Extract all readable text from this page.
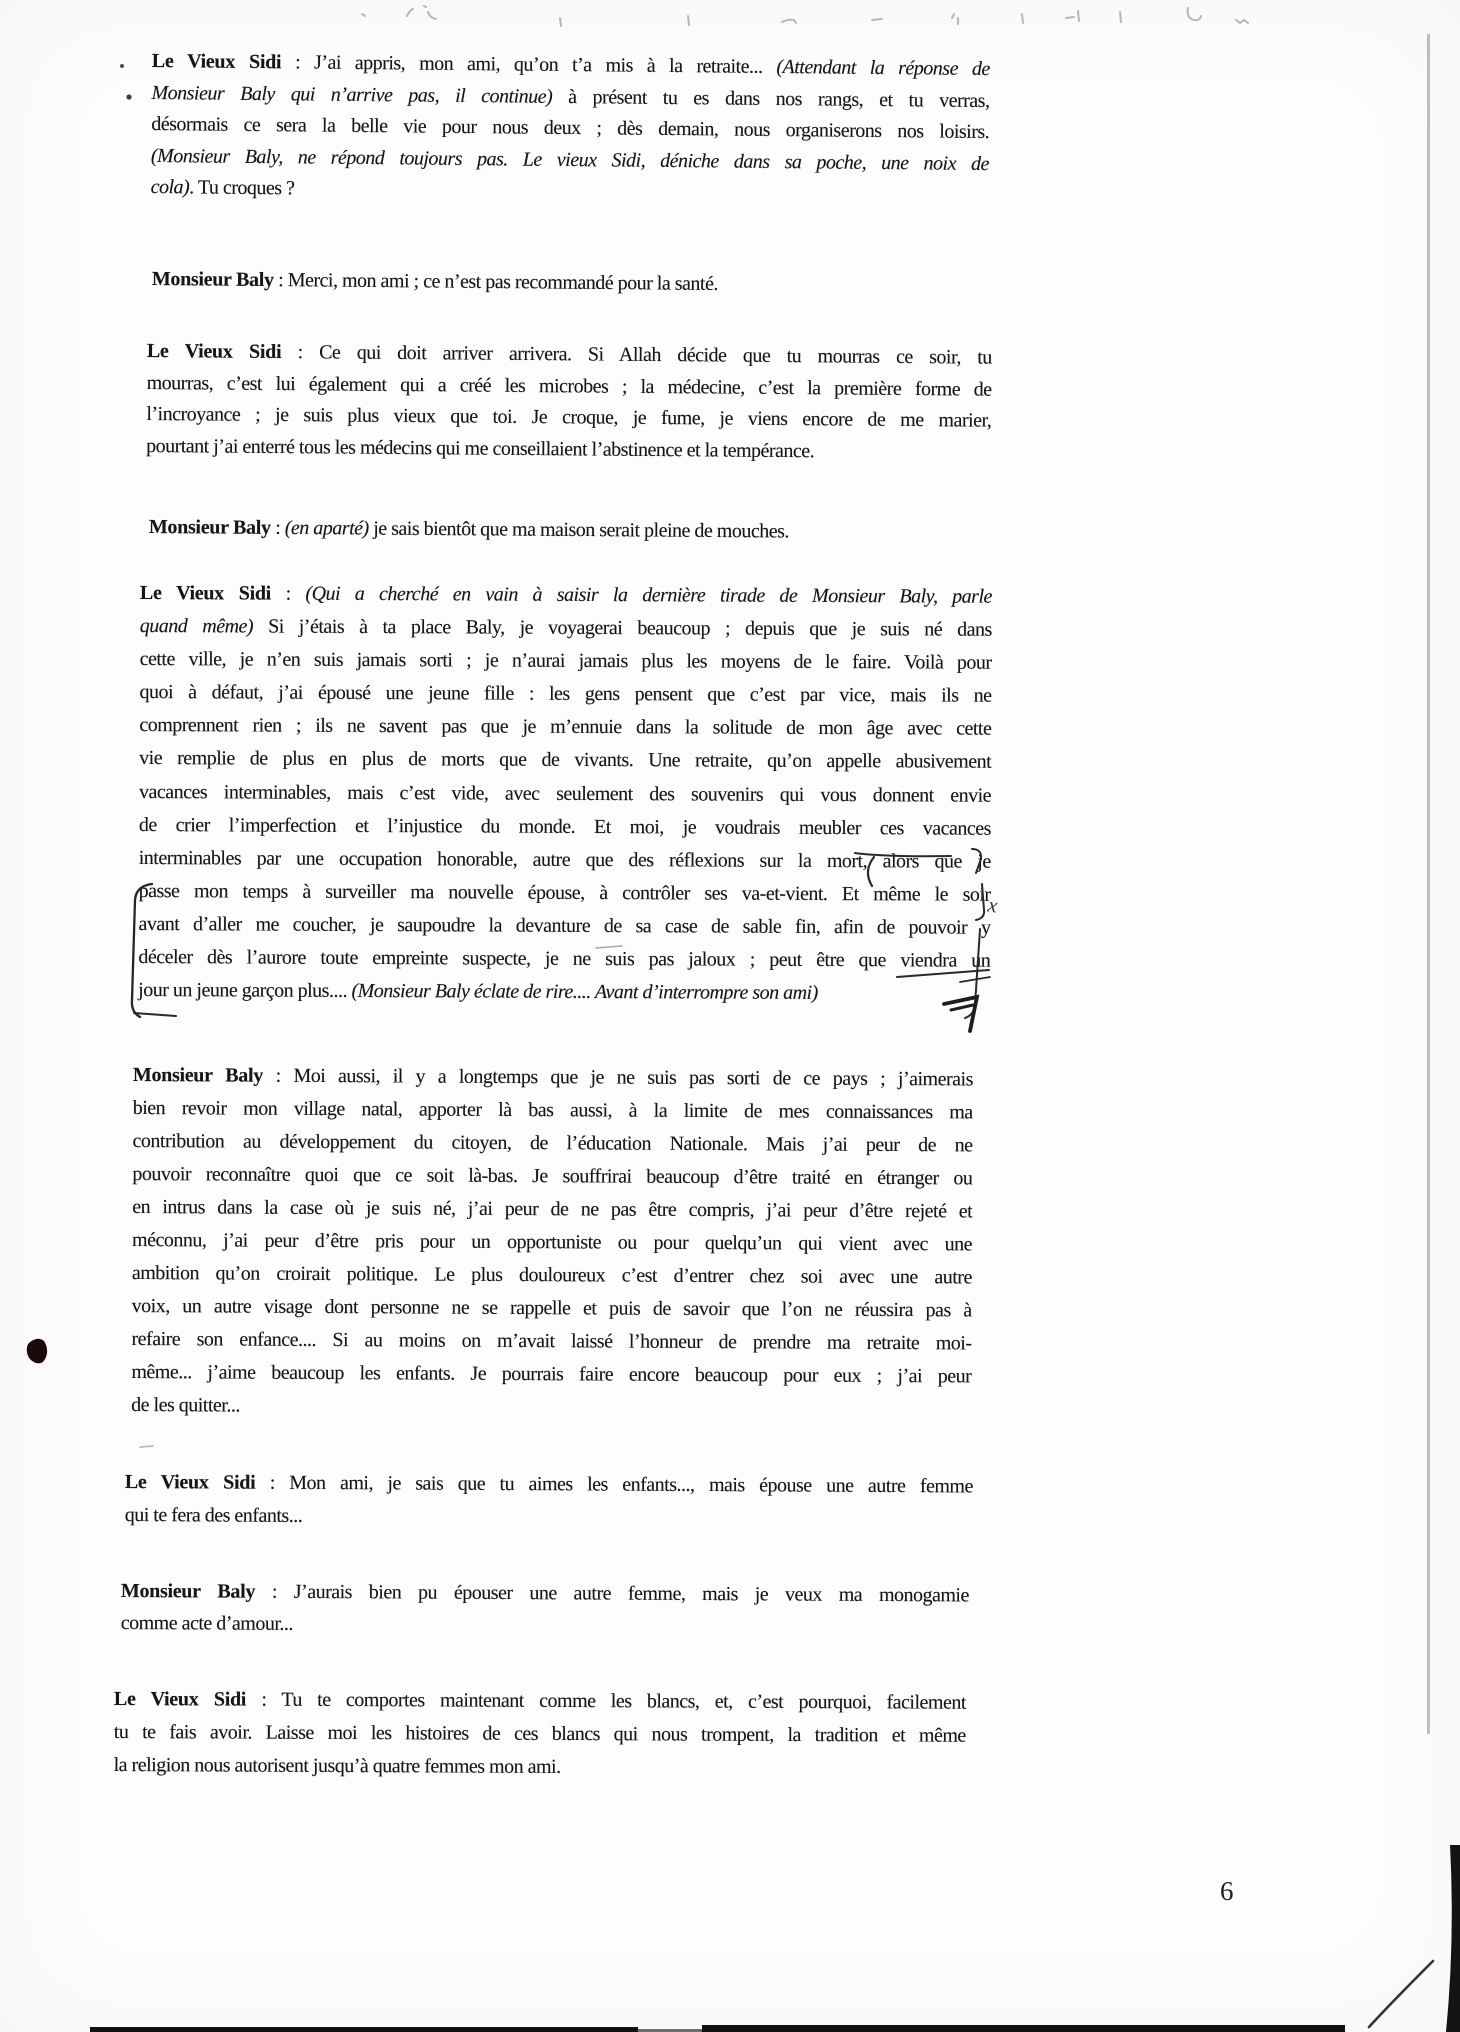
Le Vieux Sidi : J’ai appris, mon ami, qu’on t’a mis à la retraite... (Attendant la réponse de
Monsieur Baly qui n’arrive pas, il continue) à présent tu es dans nos rangs, et tu verras,
désormais ce sera la belle vie pour nous deux ; dès demain, nous organiserons nos loisirs.
(Monsieur Baly, ne répond toujours pas. Le vieux Sidi, déniche dans sa poche, une noix de
cola). Tu croques ?
Monsieur Baly : Merci, mon ami ; ce n’est pas recommandé pour la santé.
Le Vieux Sidi : Ce qui doit arriver arrivera. Si Allah décide que tu mourras ce soir, tu
mourras, c’est lui également qui a créé les microbes ; la médecine, c’est la première forme de
l’incroyance ; je suis plus vieux que toi. Je croque, je fume, je viens encore de me marier,
pourtant j’ai enterré tous les médecins qui me conseillaient l’abstinence et la tempérance.
Monsieur Baly : (en aparté) je sais bientôt que ma maison serait pleine de mouches.
Le Vieux Sidi : (Qui a cherché en vain à saisir la dernière tirade de Monsieur Baly, parle
quand même) Si j’étais à ta place Baly, je voyagerai beaucoup ; depuis que je suis né dans
cette ville, je n’en suis jamais sorti ; je n’aurai jamais plus les moyens de le faire. Voilà pour
quoi à défaut, j’ai épousé une jeune fille : les gens pensent que c’est par vice, mais ils ne
comprennent rien ; ils ne savent pas que je m’ennuie dans la solitude de mon âge avec cette
vie remplie de plus en plus de morts que de vivants. Une retraite, qu’on appelle abusivement
vacances interminables, mais c’est vide, avec seulement des souvenirs qui vous donnent envie
de crier l’imperfection et l’injustice du monde. Et moi, je voudrais meubler ces vacances
interminables par une occupation honorable, autre que des réflexions sur la mort, alors que je
passe mon temps à surveiller ma nouvelle épouse, à contrôler ses va-et-vient. Et même le soir
avant d’aller me coucher, je saupoudre la devanture de sa case de sable fin, afin de pouvoir y
déceler dès l’aurore toute empreinte suspecte, je ne suis pas jaloux ; peut être que viendra un
jour un jeune garçon plus.... (Monsieur Baly éclate de rire.... Avant d’interrompre son ami)
Monsieur Baly : Moi aussi, il y a longtemps que je ne suis pas sorti de ce pays ; j’aimerais
bien revoir mon village natal, apporter là bas aussi, à la limite de mes connaissances ma
contribution au développement du citoyen, de l’éducation Nationale. Mais j’ai peur de ne
pouvoir reconnaître quoi que ce soit là-bas. Je souffrirai beaucoup d’être traité en étranger ou
en intrus dans la case où je suis né, j’ai peur de ne pas être compris, j’ai peur d’être rejeté et
méconnu, j’ai peur d’être pris pour un opportuniste ou pour quelqu’un qui vient avec une
ambition qu’on croirait politique. Le plus douloureux c’est d’entrer chez soi avec une autre
voix, un autre visage dont personne ne se rappelle et puis de savoir que l’on ne réussira pas à
refaire son enfance.... Si au moins on m’avait laissé l’honneur de prendre ma retraite moi-
même... j’aime beaucoup les enfants. Je pourrais faire encore beaucoup pour eux ; j’ai peur
de les quitter...
Le Vieux Sidi : Mon ami, je sais que tu aimes les enfants..., mais épouse une autre femme
qui te fera des enfants...
Monsieur Baly : J’aurais bien pu épouser une autre femme, mais je veux ma monogamie
comme acte d’amour...
Le Vieux Sidi : Tu te comportes maintenant comme les blancs, et, c’est pourquoi, facilement
tu te fais avoir. Laisse moi les histoires de ces blancs qui nous trompent, la tradition et même
la religion nous autorisent jusqu’à quatre femmes mon ami.
6
x
